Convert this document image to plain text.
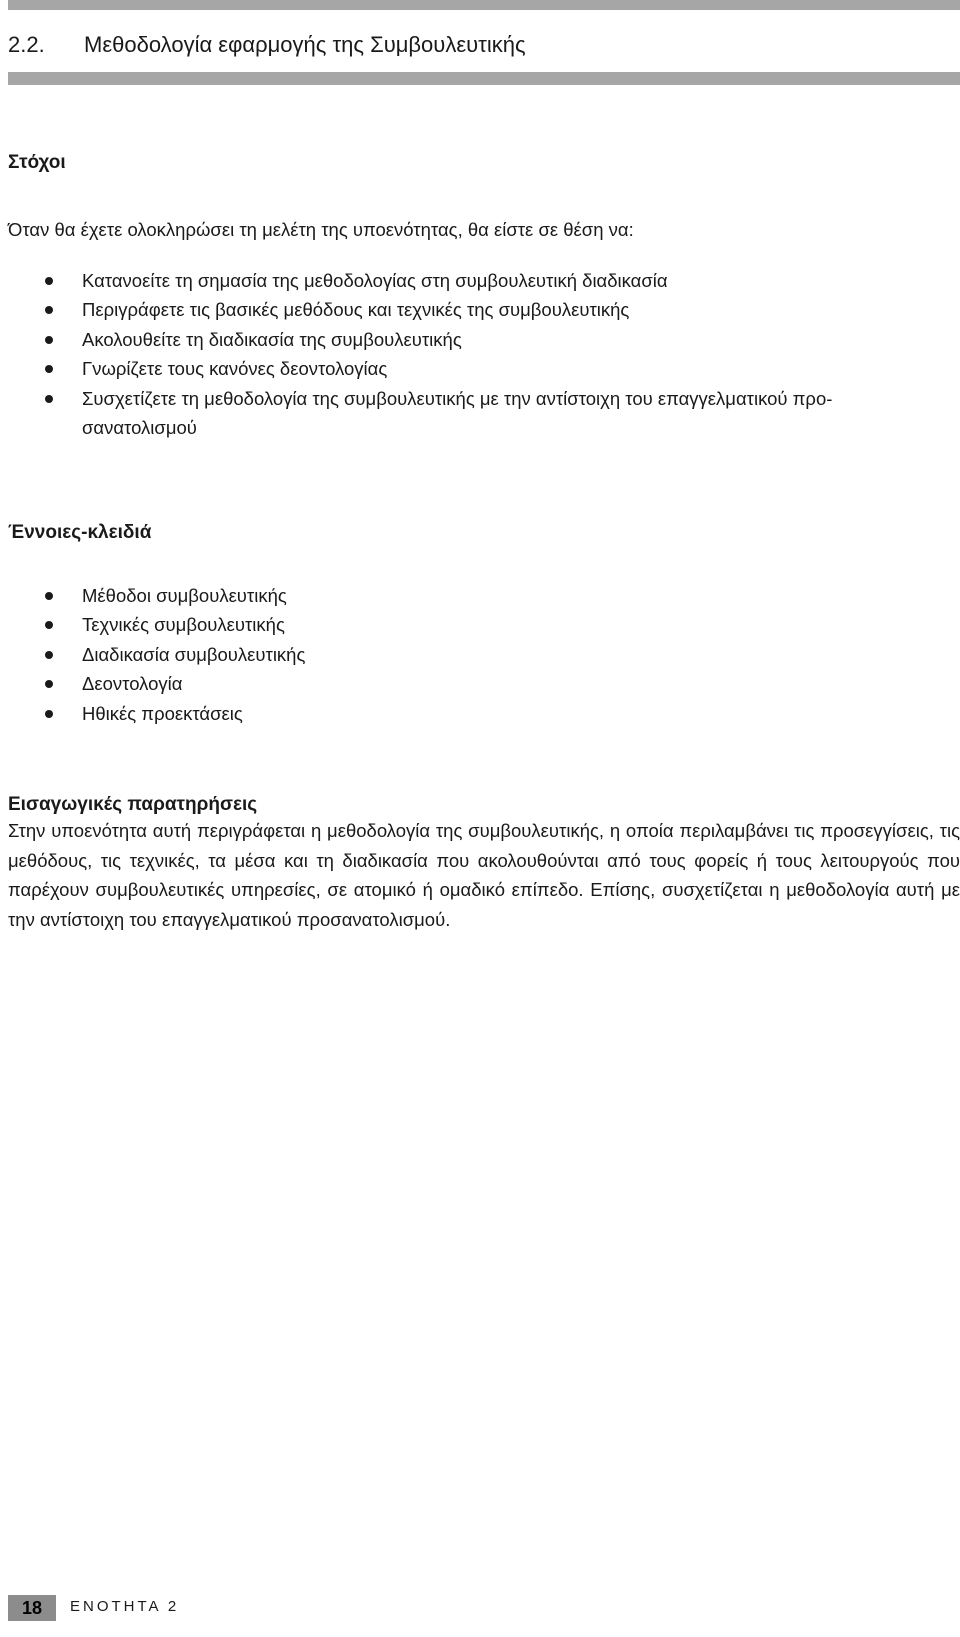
2.2. Μεθοδολογία εφαρμογής της Συμβουλευτικής
Στόχοι

Όταν θα έχετε ολοκληρώσει τη μελέτη της υποενότητας, θα είστε σε θέση να:

Κατανοείτε τη σημασία της μεθοδολογίας στη συμβουλευτική διαδικασία
Περιγράφετε τις βασικές μεθόδους και τεχνικές της συμβουλευτικής
Ακολουθείτε τη διαδικασία της συμβουλευτικής
Γνωρίζετε τους κανόνες δεοντολογίας
Συσχετίζετε τη μεθοδολογία της συμβουλευτικής με την αντίστοιχη του επαγγελματικού προ-σανατολισμού
Έννοιες-κλειδιά
Μέθοδοι συμβουλευτικής
Τεχνικές συμβουλευτικής
Διαδικασία συμβουλευτικής
Δεοντολογία
Ηθικές προεκτάσεις
Εισαγωγικές παρατηρήσεις

Στην υποενότητα αυτή περιγράφεται η μεθοδολογία της συμβουλευτικής, η οποία περιλαμβάνει τις προσεγγίσεις, τις μεθόδους, τις τεχνικές, τα μέσα και τη διαδικασία που ακολουθούνται από τους φορείς ή τους λειτουργούς που παρέχουν συμβουλευτικές υπηρεσίες, σε ατομικό ή ομαδικό επίπεδο. Επίσης, συσχετίζεται η μεθοδολογία αυτή με την αντίστοιχη του επαγγελματικού προσανατολισμού.

18	ΕΝΟΤΗΤΑ 2
